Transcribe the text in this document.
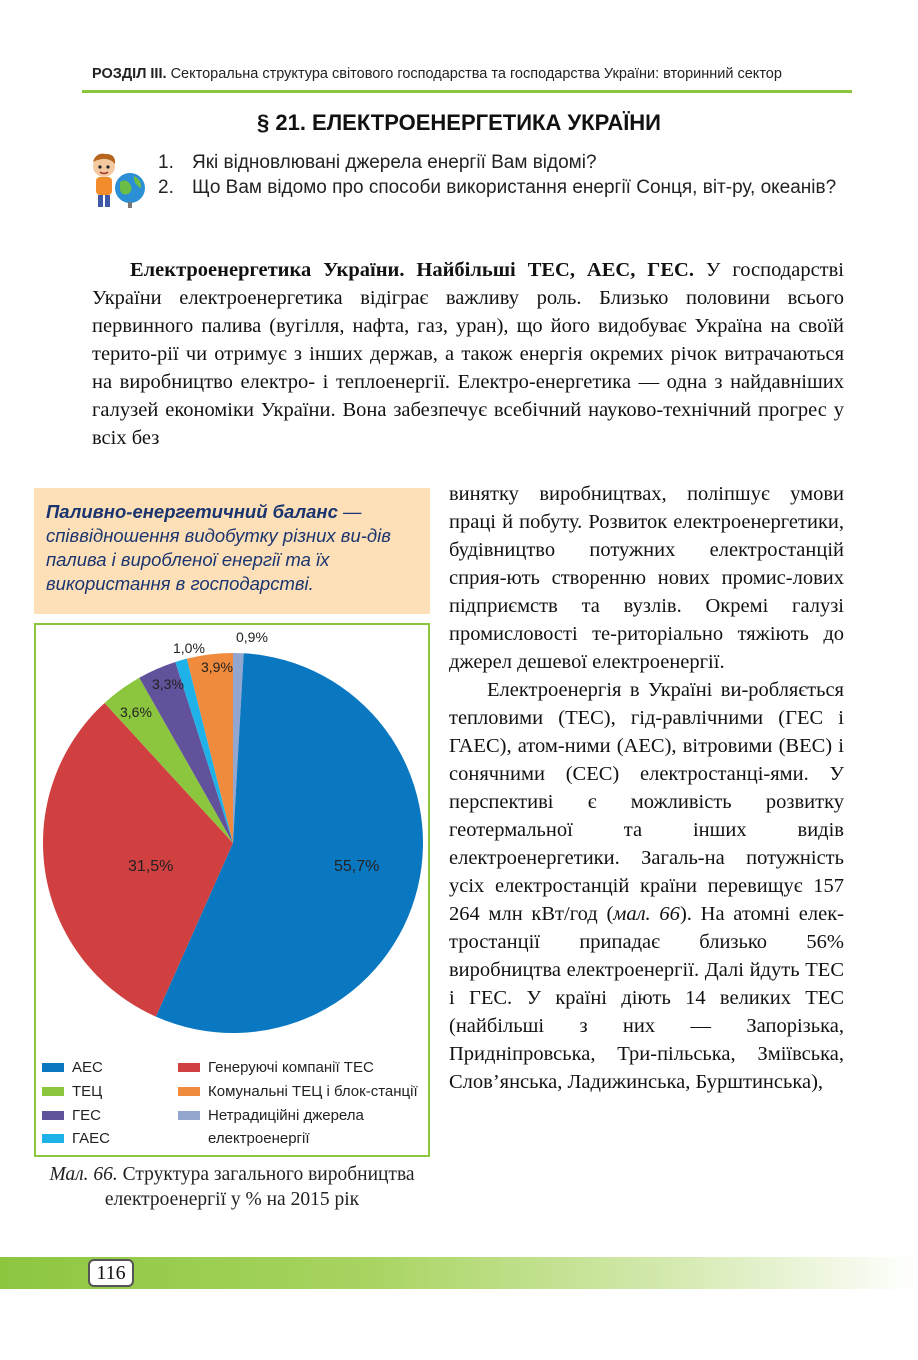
РОЗДІЛ ІІІ. Секторальна структура світового господарства та господарства України: вторинний сектор
§ 21. ЕЛЕКТРОЕНЕРГЕТИКА УКРАЇНИ
1. Які відновлювані джерела енергії Вам відомі?
2. Що Вам відомо про способи використання енергії Сонця, віт-ру, океанів?

Електроенергетика України. Найбільші ТЕС, АЕС, ГЕС. У господарстві України електроенергетика відіграє важливу роль. Близько половини всього первинного палива (вугілля, нафта, газ, уран), що його видобуває Україна на своїй терито-рії чи отримує з інших держав, а також енергія окремих річок витрачаються на виробництво електро- і теплоенергії. Електро-енергетика — одна з найдавніших галузей економіки України. Вона забезпечує всебічний науково-технічний прогрес у всіх без

Паливно-енергетичний баланс — співвідношення видобутку різних ви-дів палива і виробленої енергії та їх використання в господарстві.
0,9%
55,7%
31,5%
3,6%
3,3%
1,0%
3,9%
АЕС	Генеруючі компанії ТЕС
ТЕЦ	Комунальні ТЕЦ і блок-станції
ГЕС	Нетрадиційні джерела
ГАЕС	електроенергії
Мал. 66. Структура загального виробництва електроенергії у % на 2015 рік

винятку виробництвах, поліпшує умови праці й побуту. Розвиток електроенергетики, будівництво потужних електростанцій сприя-ють створенню нових промис-лових підприємств та вузлів. Окремі галузі промисловості те-риторіально тяжіють до джерел дешевої електроенергії.

Електроенергія в Україні ви-робляється тепловими (ТЕС), гід-равлічними (ГЕС і ГАЕС), атом-ними (АЕС), вітровими (ВЕС) і сонячними (СЕС) електростанці-ями. У перспективі є можливість розвитку геотермальної та інших видів електроенергетики. Загаль-на потужність усіх електростанцій країни перевищує 157 264 млн кВт/год (мал. 66). На атомні елек-тростанції припадає близько 56% виробництва електроенергії. Далі йдуть ТЕС і ГЕС. У країні діють 14 великих ТЕС (найбільші з них — Запорізька, Придніпровська, Три-пільська, Зміївська, Слов’янська, Ладижинська, Бурштинська),

116
